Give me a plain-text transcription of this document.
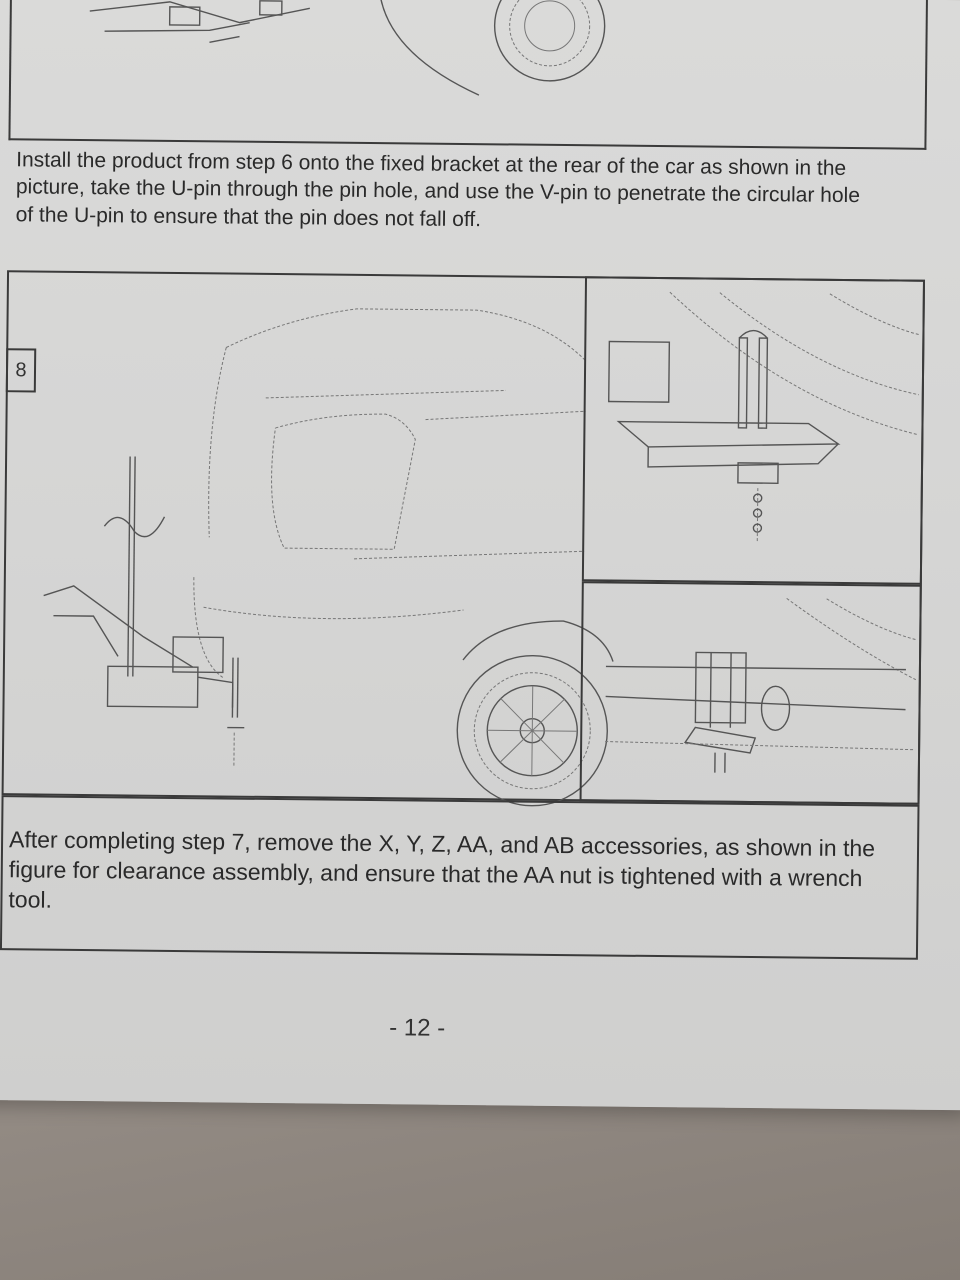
Install the product from step 6 onto the fixed bracket at the rear of the car as shown in the picture, take the U-pin through the pin hole, and use the V-pin to penetrate the circular hole of the U-pin to ensure that the pin does not fall off.
8
After completing step 7, remove the X, Y, Z, AA, and AB accessories, as shown in the figure for clearance assembly, and ensure that the AA nut is tightened with a wrench tool.
- 12 -
